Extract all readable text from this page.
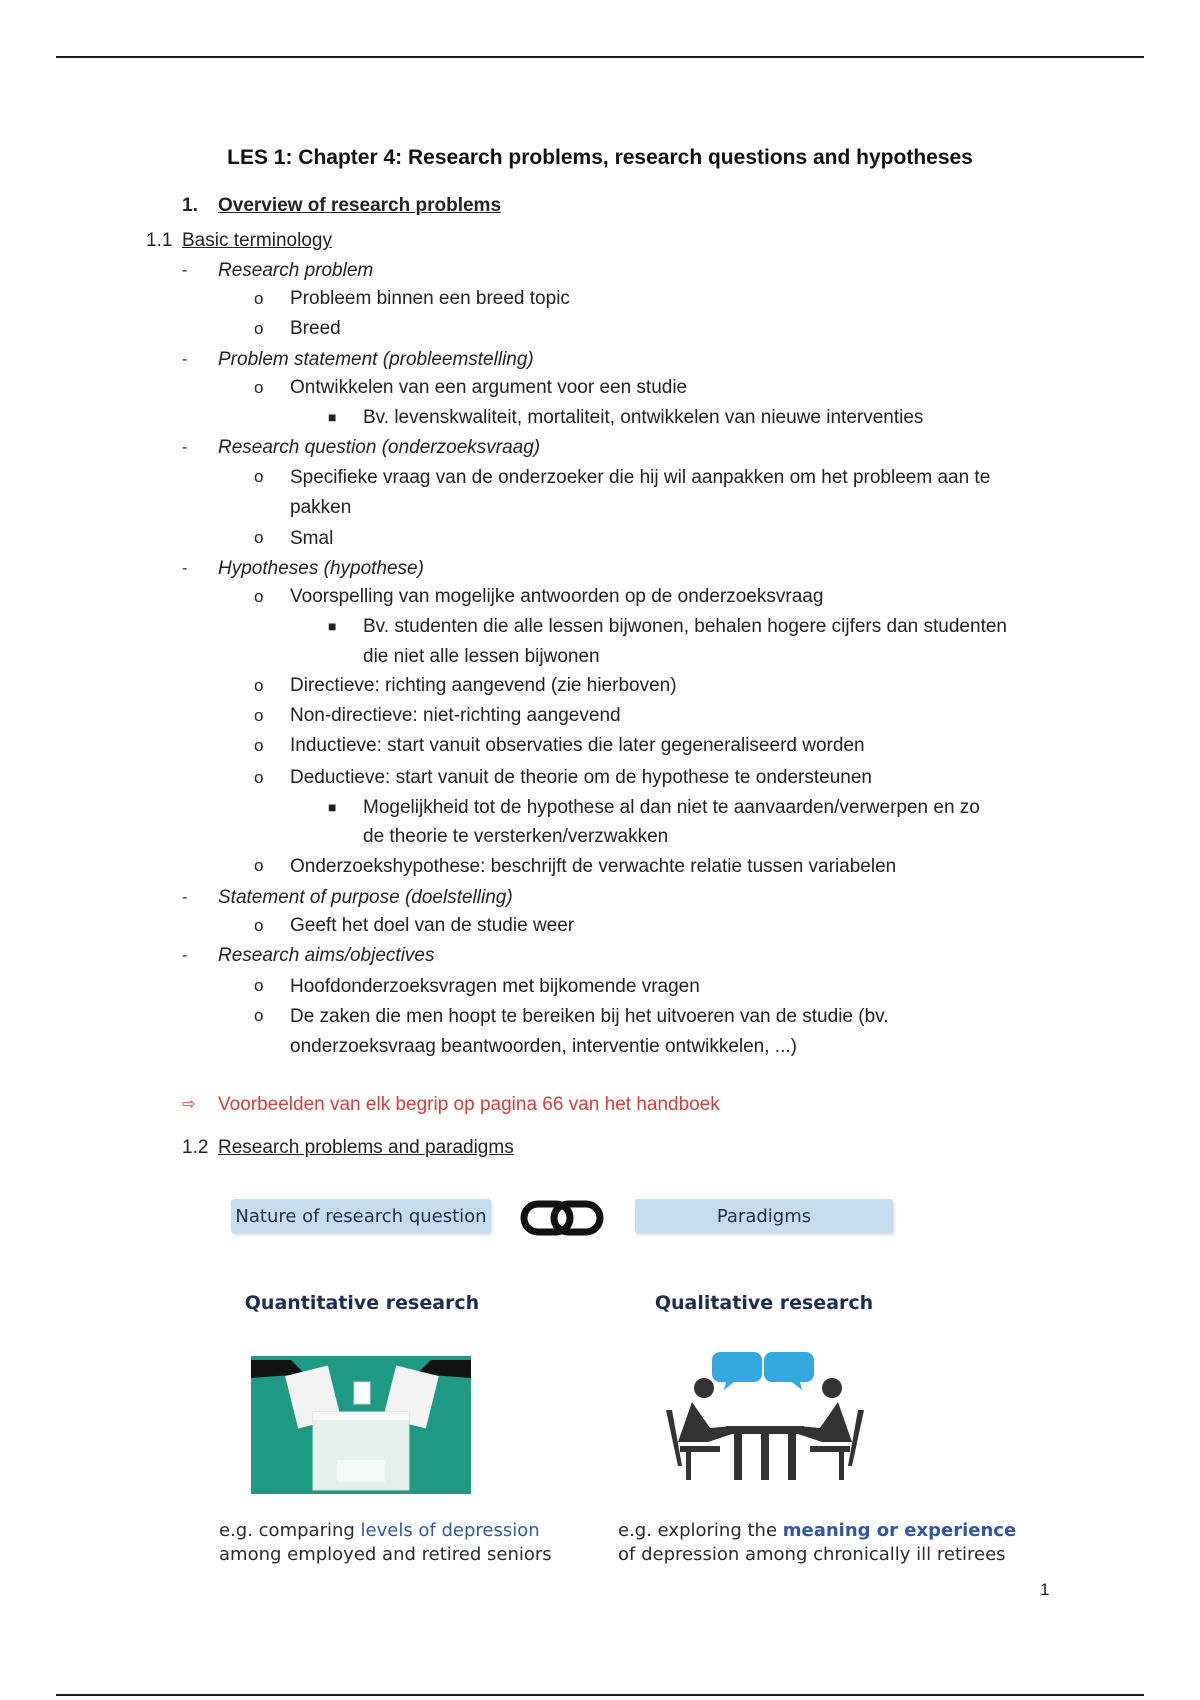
LES 1: Chapter 4: Research problems, research questions and hypotheses
1. Overview of research problems
1.1 Basic terminology
- Research problem
o Probleem binnen een breed topic
o Breed
- Problem statement (probleemstelling)
o Ontwikkelen van een argument voor een studie
■ Bv. levenskwaliteit, mortaliteit, ontwikkelen van nieuwe interventies
- Research question (onderzoeksvraag)
o Specifieke vraag van de onderzoeker die hij wil aanpakken om het probleem aan te
pakken
o Smal
- Hypotheses (hypothese)
o Voorspelling van mogelijke antwoorden op de onderzoeksvraag
■ Bv. studenten die alle lessen bijwonen, behalen hogere cijfers dan studenten
die niet alle lessen bijwonen
o Directieve: richting aangevend (zie hierboven)
o Non-directieve: niet-richting aangevend
o Inductieve: start vanuit observaties die later gegeneraliseerd worden
o Deductieve: start vanuit de theorie om de hypothese te ondersteunen
■ Mogelijkheid tot de hypothese al dan niet te aanvaarden/verwerpen en zo
de theorie te versterken/verzwakken
o Onderzoekshypothese: beschrijft de verwachte relatie tussen variabelen
- Statement of purpose (doelstelling)
o Geeft het doel van de studie weer
- Research aims/objectives
o Hoofdonderzoeksvragen met bijkomende vragen
o De zaken die men hoopt te bereiken bij het uitvoeren van de studie (bv.
onderzoeksvraag beantwoorden, interventie ontwikkelen, ...)
⇨ Voorbeelden van elk begrip op pagina 66 van het handboek
1.2 Research problems and paradigms
Nature of research question	Paradigms
Quantitative research	Qualitative research
e.g. comparing levels of depression
among employed and retired seniors
e.g. exploring the meaning or experience
of depression among chronically ill retirees
1
